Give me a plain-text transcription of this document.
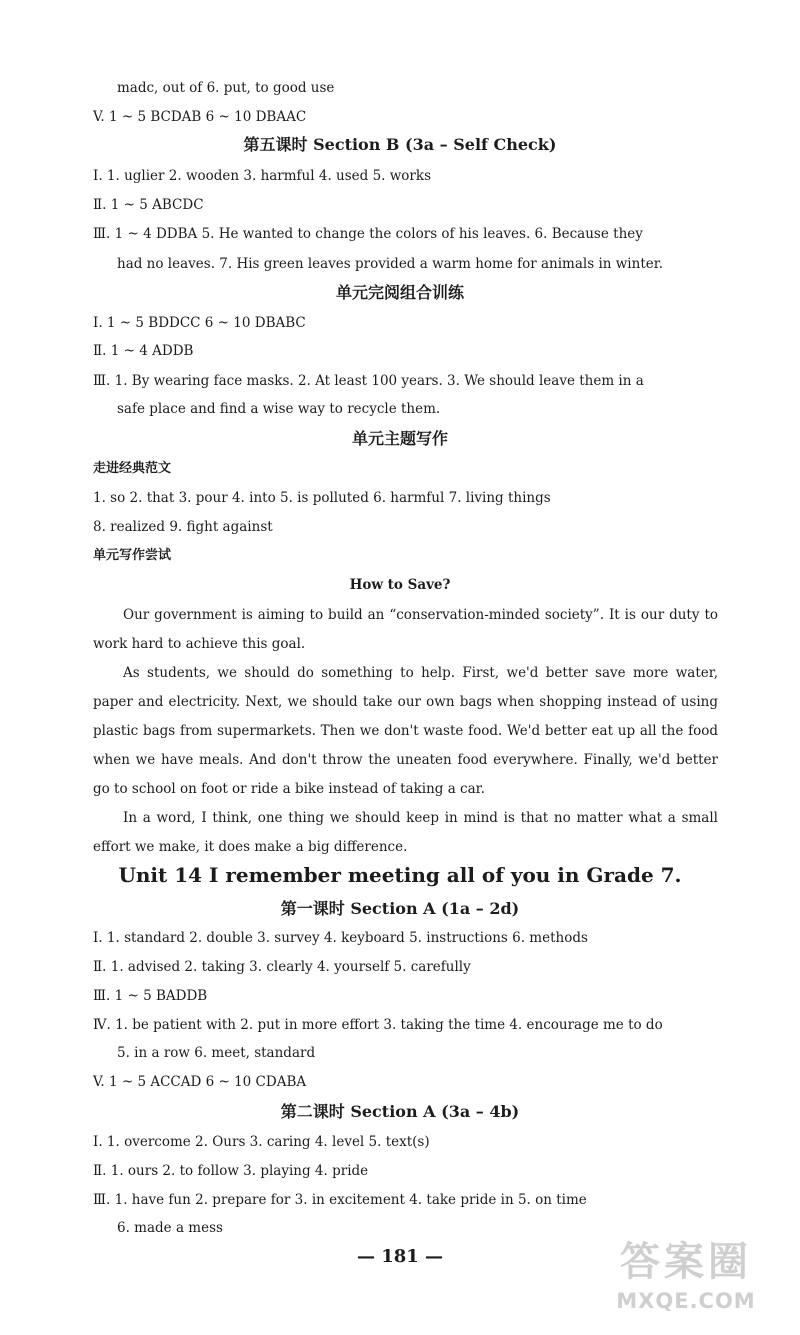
madc, out of 6. put, to good use
V. 1 ~ 5 BCDAB 6 ~ 10 DBAAC
第五课时 Section B (3a – Self Check)
Ⅰ. 1. uglier 2. wooden 3. harmful 4. used 5. works
Ⅱ. 1 ~ 5 ABCDC
Ⅲ. 1 ~ 4 DDBA 5. He wanted to change the colors of his leaves. 6. Because they
had no leaves. 7. His green leaves provided a warm home for animals in winter.
单元完阅组合训练
Ⅰ. 1 ~ 5 BDDCC 6 ~ 10 DBABC
Ⅱ. 1 ~ 4 ADDB
Ⅲ. 1. By wearing face masks. 2. At least 100 years. 3. We should leave them in a
safe place and find a wise way to recycle them.
单元主题写作
走进经典范文
1. so 2. that 3. pour 4. into 5. is polluted 6. harmful 7. living things
8. realized 9. fight against
单元写作尝试
How to Save?
Our government is aiming to build an “conservation-minded society”. It is our duty to work hard to achieve this goal.
As students, we should do something to help. First, we'd better save more water, paper and electricity. Next, we should take our own bags when shopping instead of using plastic bags from supermarkets. Then we don't waste food. We'd better eat up all the food when we have meals. And don't throw the uneaten food everywhere. Finally, we'd better go to school on foot or ride a bike instead of taking a car.
In a word, I think, one thing we should keep in mind is that no matter what a small effort we make, it does make a big difference.
Unit 14 I remember meeting all of you in Grade 7.
第一课时 Section A (1a – 2d)
Ⅰ. 1. standard 2. double 3. survey 4. keyboard 5. instructions 6. methods
Ⅱ. 1. advised 2. taking 3. clearly 4. yourself 5. carefully
Ⅲ. 1 ~ 5 BADDB
Ⅳ. 1. be patient with 2. put in more effort 3. taking the time 4. encourage me to do
5. in a row 6. meet, standard
V. 1 ~ 5 ACCAD 6 ~ 10 CDABA
第二课时 Section A (3a – 4b)
Ⅰ. 1. overcome 2. Ours 3. caring 4. level 5. text(s)
Ⅱ. 1. ours 2. to follow 3. playing 4. pride
Ⅲ. 1. have fun 2. prepare for 3. in excitement 4. take pride in 5. on time
6. made a mess
— 181 —	答案圈
MXQE.COM
